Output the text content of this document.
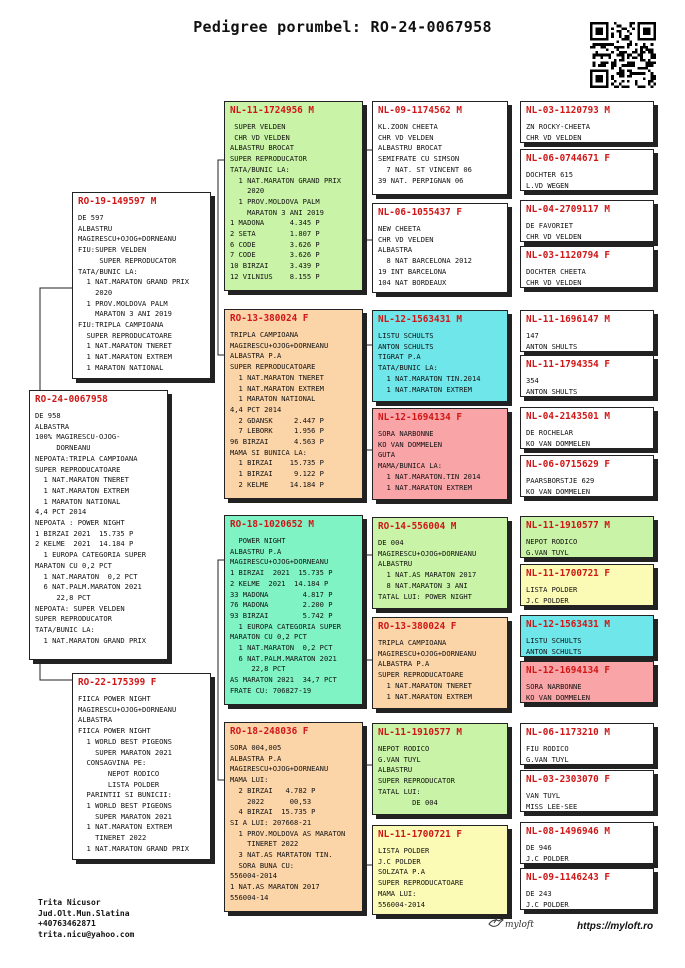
Pedigree porumbel: RO-24-0067958
RO-24-0067958
DE 958
ALBASTRA
100% MAGIRESCU-OJOG-
DORNEANU
NEPOATA:TRIPLA CAMPIOANA
SUPER REPRODUCATOARE
1 NAT.MARATON TNERET
1 NAT.MARATON EXTREM
1 MARATON NATIONAL
4,4 PCT 2014
NEPOATA : POWER NIGHT
1 BIRZAI 2021  15.735 P
2 KELME  2021  14.184 P
1 EUROPA CATEGORIA SUPER
MARATON CU 0,2 PCT
1 NAT.MARATON  0,2 PCT
6 NAT.PALM.MARATON 2021
22,8 PCT
NEPOATA: SUPER VELDEN
SUPER REPRODUCATOR
TATA/BUNIC LA:
1 NAT.MARATON GRAND PRIX
RO-19-149597 M
DE 597
ALBASTRU
MAGIRESCU+OJOG+DORNEANU
FIU:SUPER VELDEN
SUPER REPRODUCATOR
TATA/BUNIC LA:
1 NAT.MARATON GRAND PRIX
2020
1 PROV.MOLDOVA PALM
MARATON 3 ANI 2019
FIU:TRIPLA CAMPIOANA
SUPER REPRODUCATOARE
1 NAT.MARATON TNERET
1 NAT.MARATON EXTREM
1 MARATON NATIONAL
RO-22-175399 F
FIICA POWER NIGHT
MAGIRESCU+OJOG+DORNEANU
ALBASTRA
FIICA POWER NIGHT
1 WORLD BEST PIGEONS
SUPER MARATON 2021
CONSAGVINA PE:
NEPOT RODICO
LISTA POLDER
PARINTII SI BUNICII:
1 WORLD BEST PIGEONS
SUPER MARATON 2021
1 NAT.MARATON EXTREM
TINERET 2022
1 NAT.MARATON GRAND PRIX
NL-11-1724956 M
SUPER VELDEN
CHR VD VELDEN
ALBASTRU BROCAT
SUPER REPRODUCATOR
TATA/BUNIC LA:
1 NAT.MARATON GRAND PRIX
2020
1 PROV.MOLDOVA PALM
MARATON 3 ANI 2019
1 MADONA      4.345 P
2 SETA        1.807 P
6 CODE        3.626 P
7 CODE        3.626 P
10 BIRZAI     3.439 P
12 VILNIUS    8.155 P
RO-13-380024 F
TRIPLA CAMPIOANA
MAGIRESCU+OJOG+DORNEANU
ALBASTRA P.A
SUPER REPRODUCATOARE
1 NAT.MARATON TNERET
1 NAT.MARATON EXTREM
1 MARATON NATIONAL
4,4 PCT 2014
2 GDANSK     2.447 P
7 LEBORK     1.956 P
96 BIRZAI      4.563 P
MAMA SI BUNICA LA:
1 BIRZAI    15.735 P
1 BIRZAI     9.122 P
2 KELME     14.184 P
RO-18-1020652 M
POWER NIGHT
ALBASTRU P.A
MAGIRESCU+OJOG+DORNEANU
1 BIRZAI  2021  15.735 P
2 KELME  2021  14.184 P
33 MADONA        4.817 P
76 MADONA        2.200 P
93 BIRZAI        5.742 P
1 EUROPA CATEGORIA SUPER
MARATON CU 0,2 PCT
1 NAT.MARATON  0,2 PCT
6 NAT.PALM.MARATON 2021
22,8 PCT
AS MARATON 2021  34,7 PCT
FRATE CU: 706827-19
RO-18-248036 F
SORA 004,005
ALBASTRA P.A
MAGIRESCU+OJOG+DORNEANU
MAMA LUI:
2 BIRZAI   4.782 P
2022      00,53
4 BIRZAI  15.735 P
SI A LUI: 207668-21
1 PROV.MOLDOVA AS MARATON
TINERET 2022
3 NAT.AS MARTATON TIN.
SORA BUNA CU:
556004-2014
1 NAT.AS MARATON 2017
556004-14
NL-09-1174562 M
KL.ZOON CHEETA
CHR VD VELDEN
ALBASTRU BROCAT
SEMIFRATE CU SIMSON
7 NAT. ST VINCENT 06
39 NAT. PERPIGNAN 06
NL-06-1055437 F
NEW CHEETA
CHR VD VELDEN
ALBASTRA
8 NAT BARCELONA 2012
19 INT BARCELONA
104 NAT BORDEAUX
NL-12-1563431 M
LISTU SCHULTS
ANTON SCHULTS
TIGRAT P.A
TATA/BUNIC LA:
1 NAT.MARATON TIN.2014
1 NAT.MARATON EXTREM
NL-12-1694134 F
SORA NARBONNE
KO VAN DOMMELEN
GUTA
MAMA/BUNICA LA:
1 NAT.MARATON.TIN 2014
1 NAT.MARATON EXTREM
RO-14-556004 M
DE 004
MAGIRESCU+OJOG+DORNEANU
ALBASTRU
1 NAT.AS MARATON 2017
8 NAT.MARATON 3 ANI
TATAL LUI: POWER NIGHT
RO-13-380024 F
TRIPLA CAMPIOANA
MAGIRESCU+OJOG+DORNEANU
ALBASTRA P.A
SUPER REPRODUCATOARE
1 NAT.MARATON TNERET
1 NAT.MARATON EXTREM
NL-11-1910577 M
NEPOT RODICO
G.VAN TUYL
ALBASTRU
SUPER REPRODUCATOR
TATAL LUI:
DE 004
NL-11-1700721 F
LISTA POLDER
J.C POLDER
SOLZATA P.A
SUPER REPRODUCATOARE
MAMA LUI:
556004-2014
NL-03-1120793 M
ZN ROCKY-CHEETA
CHR VD VELDEN
NL-06-0744671 F
DOCHTER 615
L.VD WEGEN
NL-04-2709117 M
DE FAVORIET
CHR VD VELDEN
NL-03-1120794 F
DOCHTER CHEETA
CHR VD VELDEN
NL-11-1696147 M
147
ANTON SHULTS
NL-11-1794354 F
354
ANTON SHULTS
NL-04-2143501 M
DE ROCHELAR
KO VAN DOMMELEN
NL-06-0715629 F
PAARSBORSTJE 629
KO VAN DOMMELEN
NL-11-1910577 M
NEPOT RODICO
G.VAN TUYL
NL-11-1700721 F
LISTA POLDER
J.C POLDER
NL-12-1563431 M
LISTU SCHULTS
ANTON SCHULTS
NL-12-1694134 F
SORA NARBONNE
KO VAN DOMMELEN
NL-06-1173210 M
FIU RODICO
G.VAN TUYL
NL-03-2303070 F
VAN TUYL
MISS LEE-SEE
NL-08-1496946 M
DE 946
J.C POLDER
NL-09-1146243 F
DE 243
J.C POLDER
Trita Nicusor
Jud.Olt.Mun.Slatina
+40763462871
trita.nicu@yahoo.com
myloft	https://myloft.ro
